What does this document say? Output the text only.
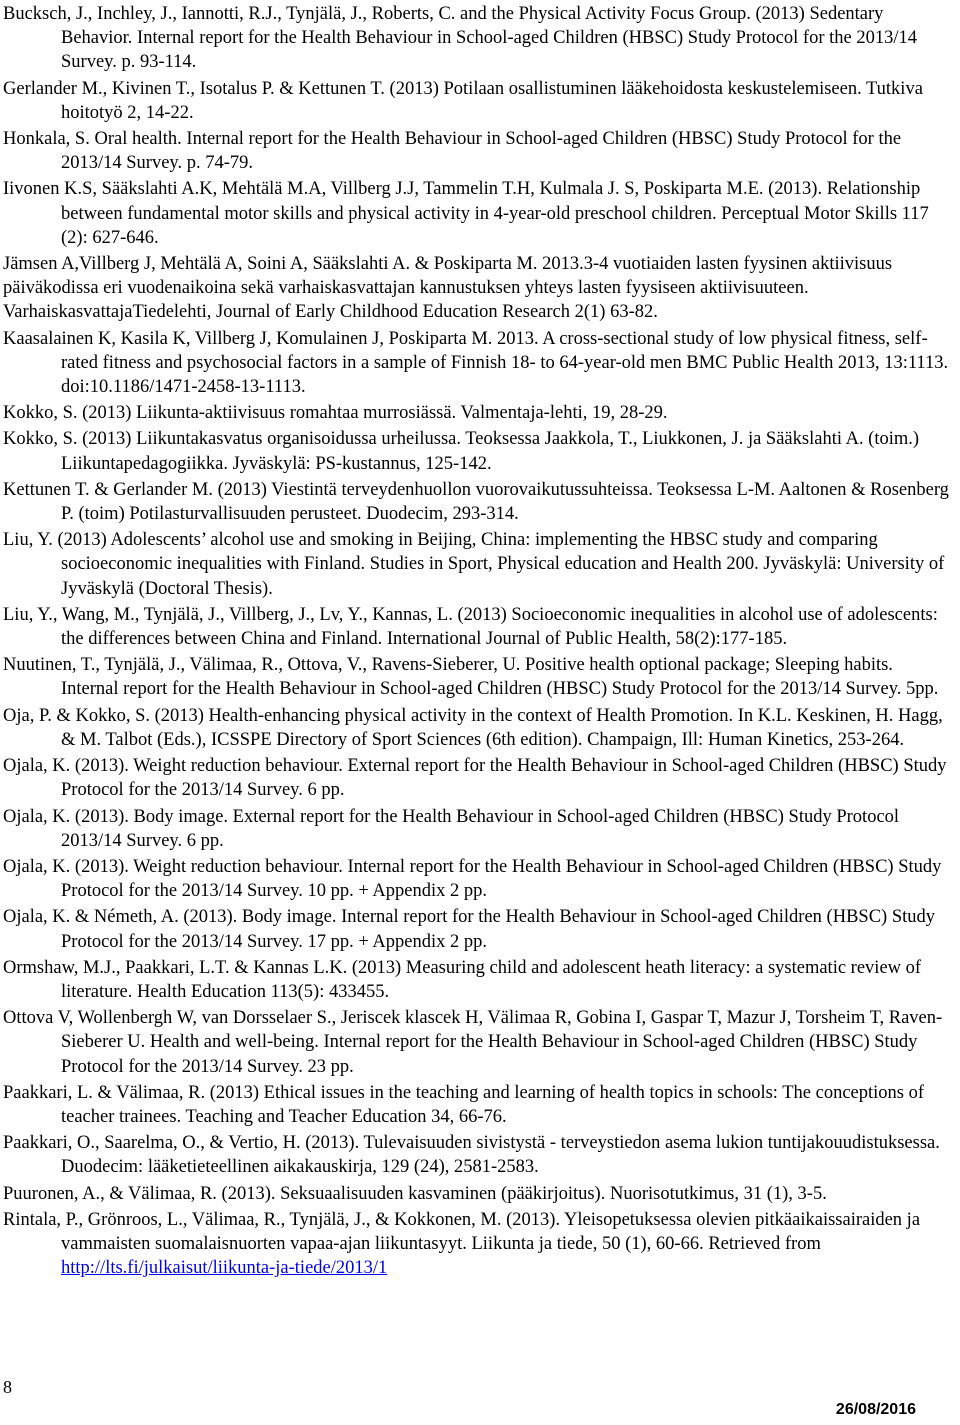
Bucksch, J., Inchley, J., Iannotti, R.J., Tynjälä, J., Roberts, C. and the Physical Activity Focus Group. (2013) Sedentary Behavior. Internal report for the Health Behaviour in School-aged Children (HBSC) Study Protocol for the 2013/14 Survey. p. 93-114.

Gerlander M., Kivinen T., Isotalus P. & Kettunen T. (2013) Potilaan osallistuminen lääkehoidosta keskustelemiseen. Tutkiva hoitotyö 2, 14-22.

Honkala, S. Oral health. Internal report for the Health Behaviour in School-aged Children (HBSC) Study Protocol for the 2013/14 Survey. p. 74-79.

Iivonen K.S, Sääkslahti A.K, Mehtälä M.A, Villberg J.J, Tammelin T.H, Kulmala J. S, Poskiparta M.E. (2013). Relationship between fundamental motor skills and physical activity in 4-year-old preschool children. Perceptual Motor Skills 117 (2): 627-646.

Jämsen A,Villberg J, Mehtälä A, Soini A, Sääkslahti A. & Poskiparta M. 2013.3-4 vuotiaiden lasten fyysinen aktiivisuus päiväkodissa eri vuodenaikoina sekä varhaiskasvattajan kannustuksen yhteys lasten fyysiseen aktiivisuuteen. VarhaiskasvattajaTiedelehti, Journal of Early Childhood Education Research 2(1) 63-82.

Kaasalainen K, Kasila K, Villberg J, Komulainen J, Poskiparta M. 2013. A cross-sectional study of low physical fitness, self-rated fitness and psychosocial factors in a sample of Finnish 18- to 64-year-old men BMC Public Health 2013, 13:1113. doi:10.1186/1471-2458-13-1113.

Kokko, S. (2013) Liikunta-aktiivisuus romahtaa murrosiässä. Valmentaja-lehti, 19, 28-29.

Kokko, S. (2013) Liikuntakasvatus organisoidussa urheilussa. Teoksessa Jaakkola, T., Liukkonen, J. ja Sääkslahti A. (toim.) Liikuntapedagogiikka. Jyväskylä: PS-kustannus, 125-142.

Kettunen T. & Gerlander M. (2013) Viestintä terveydenhuollon vuorovaikutussuhteissa. Teoksessa L-M. Aaltonen & Rosenberg P. (toim) Potilasturvallisuuden perusteet. Duodecim, 293-314.

Liu, Y. (2013) Adolescents’ alcohol use and smoking in Beijing, China: implementing the HBSC study and comparing socioeconomic inequalities with Finland. Studies in Sport, Physical education and Health 200. Jyväskylä: University of Jyväskylä (Doctoral Thesis).

Liu, Y., Wang, M., Tynjälä, J., Villberg, J., Lv, Y., Kannas, L. (2013) Socioeconomic inequalities in alcohol use of adolescents: the differences between China and Finland. International Journal of Public Health, 58(2):177-185.

Nuutinen, T., Tynjälä, J., Välimaa, R., Ottova, V., Ravens-Sieberer, U. Positive health optional package; Sleeping habits. Internal report for the Health Behaviour in School-aged Children (HBSC) Study Protocol for the 2013/14 Survey. 5pp.

Oja, P. & Kokko, S. (2013) Health-enhancing physical activity in the context of Health Promotion. In K.L. Keskinen, H. Hagg, & M. Talbot (Eds.), ICSSPE Directory of Sport Sciences (6th edition). Champaign, Ill: Human Kinetics, 253-264.

Ojala, K. (2013). Weight reduction behaviour. External report for the Health Behaviour in School-aged Children (HBSC) Study Protocol for the 2013/14 Survey. 6 pp.

Ojala, K. (2013). Body image. External report for the Health Behaviour in School-aged Children (HBSC) Study Protocol 2013/14 Survey. 6 pp.

Ojala, K. (2013). Weight reduction behaviour. Internal report for the Health Behaviour in School-aged Children (HBSC) Study Protocol for the 2013/14 Survey. 10 pp. + Appendix 2 pp.

Ojala, K. & Németh, A. (2013). Body image. Internal report for the Health Behaviour in School-aged Children (HBSC) Study Protocol for the 2013/14 Survey. 17 pp. + Appendix 2 pp.

Ormshaw, M.J., Paakkari, L.T. & Kannas L.K. (2013) Measuring child and adolescent heath literacy: a systematic review of literature. Health Education 113(5): 433455.

Ottova V, Wollenbergh W, van Dorsselaer S., Jeriscek klascek H, Välimaa R, Gobina I, Gaspar T, Mazur J, Torsheim T, Raven-Sieberer U. Health and well-being. Internal report for the Health Behaviour in School-aged Children (HBSC) Study Protocol for the 2013/14 Survey. 23 pp.

Paakkari, L. & Välimaa, R. (2013) Ethical issues in the teaching and learning of health topics in schools: The conceptions of teacher trainees. Teaching and Teacher Education 34, 66-76.

Paakkari, O., Saarelma, O., & Vertio, H. (2013). Tulevaisuuden sivistystä - terveystiedon asema lukion tuntijakouudistuksessa. Duodecim: lääketieteellinen aikakauskirja, 129 (24), 2581-2583.

Puuronen, A., & Välimaa, R. (2013). Seksuaalisuuden kasvaminen (pääkirjoitus). Nuorisotutkimus, 31 (1), 3-5.

Rintala, P., Grönroos, L., Välimaa, R., Tynjälä, J., & Kokkonen, M. (2013). Yleisopetuksessa olevien pitkäaikaissairaiden ja vammaisten suomalaisnuorten vapaa-ajan liikuntasyyt. Liikunta ja tiede, 50 (1), 60-66. Retrieved from http://lts.fi/julkaisut/liikunta-ja-tiede/2013/1

8
26/08/2016
